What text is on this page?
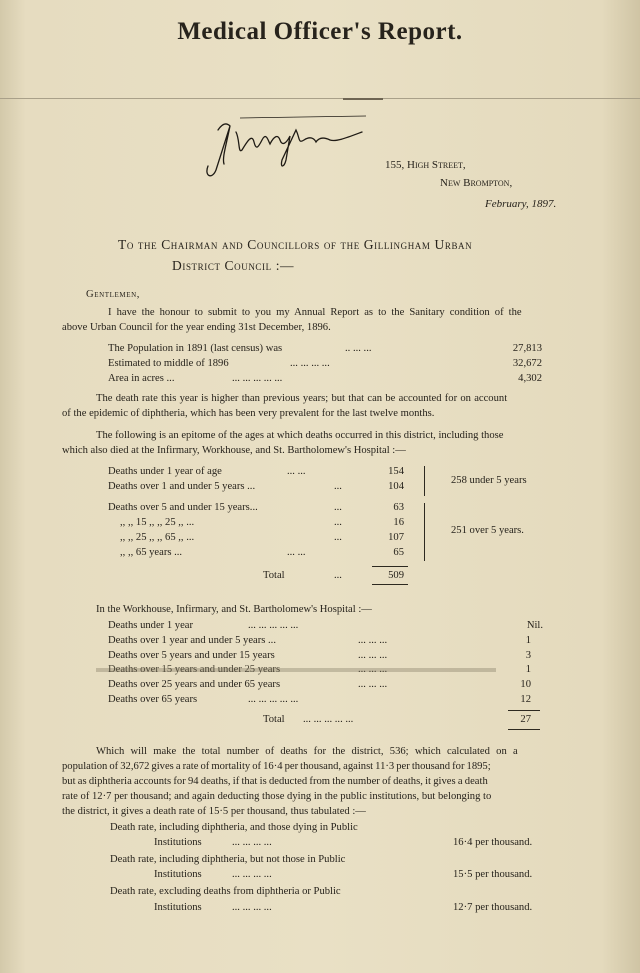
Medical Officer's Report.
155, High Street,
New Brompton,
February, 1897.
To the Chairman and Councillors of the Gillingham Urban
District Council :—
Gentlemen,
I have the honour to submit to you my Annual Report as to the Sanitary condition of the
above Urban Council for the year ending 31st December, 1896.
The Population in 1891 (last census) was	.. ... ...	27,813
Estimated to middle of 1896	... ... ... ...	32,672
Area in acres ...	... ... ... ... ...	4,302
The death rate this year is higher than previous years; but that can be accounted for on account
of the epidemic of diphtheria, which has been very prevalent for the last twelve months.
The following is an epitome of the ages at which deaths occurred in this district, including those
which also died at the Infirmary, Workhouse, and St. Bartholomew's Hospital :—
Deaths under 1 year of age	... ...	154
Deaths over 1 and under 5 years ...	...	104
258 under 5 years
Deaths over 5 and under 15 years...	...	63
,, ,, 15 ,, ,, 25 ,, ...	...	16
,, ,, 25 ,, ,, 65 ,, ...	...	107
,, ,, 65 years ...	... ...	65
251 over 5 years.
Total	...	509
In the Workhouse, Infirmary, and St. Bartholomew's Hospital :—
Deaths under 1 year	... ... ... ... ...	Nil.
Deaths over 1 year and under 5 years ...	... ... ...	1
Deaths over 5 years and under 15 years	... ... ...	3
Deaths over 15 years and under 25 years	... ... ...	1
Deaths over 25 years and under 65 years	... ... ...	10
Deaths over 65 years	... ... ... ... ...	12
Total ... ... ... ... ...	27
Which will make the total number of deaths for the district, 536; which calculated on a
population of 32,672 gives a rate of mortality of 16·4 per thousand, against 11·3 per thousand for 1895;
but as diphtheria accounts for 94 deaths, if that is deducted from the number of deaths, it gives a death
rate of 12·7 per thousand; and again deducting those dying in the public institutions, but belonging to
the district, it gives a death rate of 15·5 per thousand, thus tabulated :—
Death rate, including diphtheria, and those dying in Public
Institutions	... ... ... ...	16·4 per thousand.
Death rate, including diphtheria, but not those in Public
Institutions	... ... ... ...	15·5 per thousand.
Death rate, excluding deaths from diphtheria or Public
Institutions	... ... ... ...	12·7 per thousand.
